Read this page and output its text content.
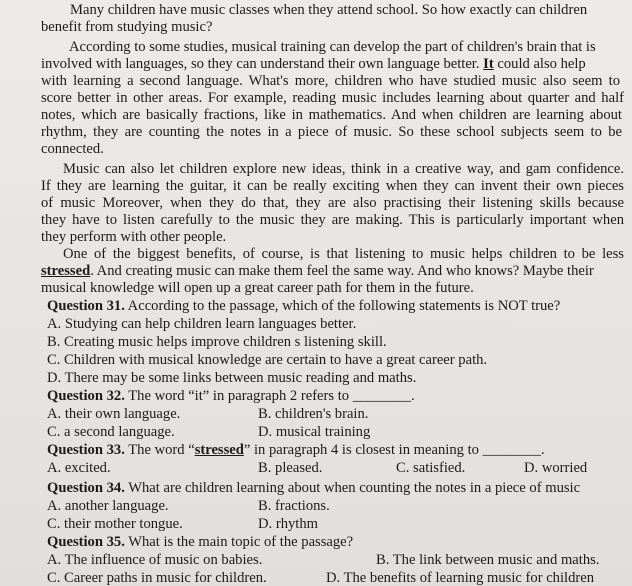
Many children have music classes when they attend school. So how exactly can children
benefit from studying music?
According to some studies, musical training can develop the part of children's brain that is
involved with languages, so they can understand their own language better. It could also help
with learning a second language. What's more, children who have studied music also seem to
score better in other areas. For example, reading music includes learning about quarter and half
notes, which are basically fractions, like in mathematics. And when children are learning about
rhythm, they are counting the notes in a piece of music. So these school subjects seem to be
connected.
Music can also let children explore new ideas, think in a creative way, and gam confidence.
If they are learning the guitar, it can be really exciting when they can invent their own pieces
of music Moreover, when they do that, they are also practising their listening skills because
they have to listen carefully to the music they are making. This is particularly important when
they perform with other people.
One of the biggest benefits, of course, is that listening to music helps children to be less
stressed. And creating music can make them feel the same way. And who knows? Maybe their
musical knowledge will open up a great career path for them in the future.
Question 31. According to the passage, which of the following statements is NOT true?
A. Studying can help children learn languages better.
B. Creating music helps improve children s listening skill.
C. Children with musical knowledge are certain to have a great career path.
D. There may be some links between music reading and maths.
Question 32. The word “it” in paragraph 2 refers to ________.
A. their own language.	B. children's brain.
C. a second language.	D. musical training
Question 33. The word “stressed” in paragraph 4 is closest in meaning to ________.
A. excited.	B. pleased.	C. satisfied.	D. worried
Question 34. What are children learning about when counting the notes in a piece of music
A. another language.	B. fractions.
C. their mother tongue.	D. rhythm
Question 35. What is the main topic of the passage?
A. The influence of music on babies.	B. The link between music and maths.
C. Career paths in music for children.	D. The benefits of learning music for children
